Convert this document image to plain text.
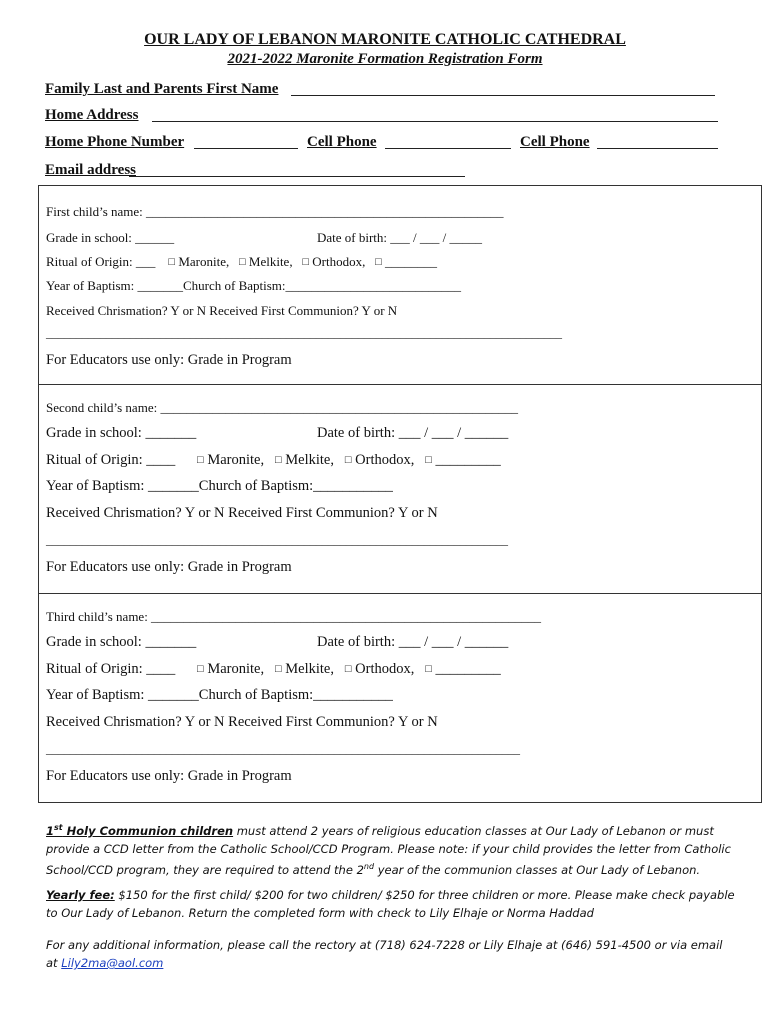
OUR LADY OF LEBANON MARONITE CATHOLIC CATHEDRAL
2021-2022 Maronite Formation Registration Form
Family Last and Parents First Name
Home Address
Home Phone Number	Cell Phone	Cell Phone
Email address
First child’s name: _______________________________________________________
Grade in school: ______	Date of birth: ___ / ___ / _____
Ritual of Origin: ___ □ Maronite, □ Melkite, □ Orthodox, □ ________
Year of Baptism: _______Church of Baptism:___________________________
Received Chrismation? Y or N Received First Communion? Y or N
______________________________________________________________________________________
For Educators use only: Grade in Program
Second child’s name: _______________________________________________________
Grade in school: _______	Date of birth: ___ / ___ / ______
Ritual of Origin: ____ □ Maronite, □ Melkite, □ Orthodox, □ _________
Year of Baptism: _______Church of Baptism:___________
Received Chrismation? Y or N Received First Communion? Y or N
_____________________________________________________________________________
For Educators use only: Grade in Program
Third child’s name: ____________________________________________________________
Grade in school: _______	Date of birth: ___ / ___ / ______
Ritual of Origin: ____ □ Maronite, □ Melkite, □ Orthodox, □ _________
Year of Baptism: _______Church of Baptism:___________
Received Chrismation? Y or N Received First Communion? Y or N
_______________________________________________________________________________
For Educators use only: Grade in Program
1st Holy Communion children must attend 2 years of religious education classes at Our Lady of Lebanon or must provide a CCD letter from the Catholic School/CCD Program. Please note: if your child provides the letter from Catholic School/CCD program, they are required to attend the 2nd year of the communion classes at Our Lady of Lebanon.
Yearly fee: $150 for the first child/ $200 for two children/ $250 for three children or more. Please make check payable to Our Lady of Lebanon. Return the completed form with check to Lily Elhaje or Norma Haddad
For any additional information, please call the rectory at (718) 624-7228 or Lily Elhaje at (646) 591-4500 or via email at Lily2ma@aol.com
